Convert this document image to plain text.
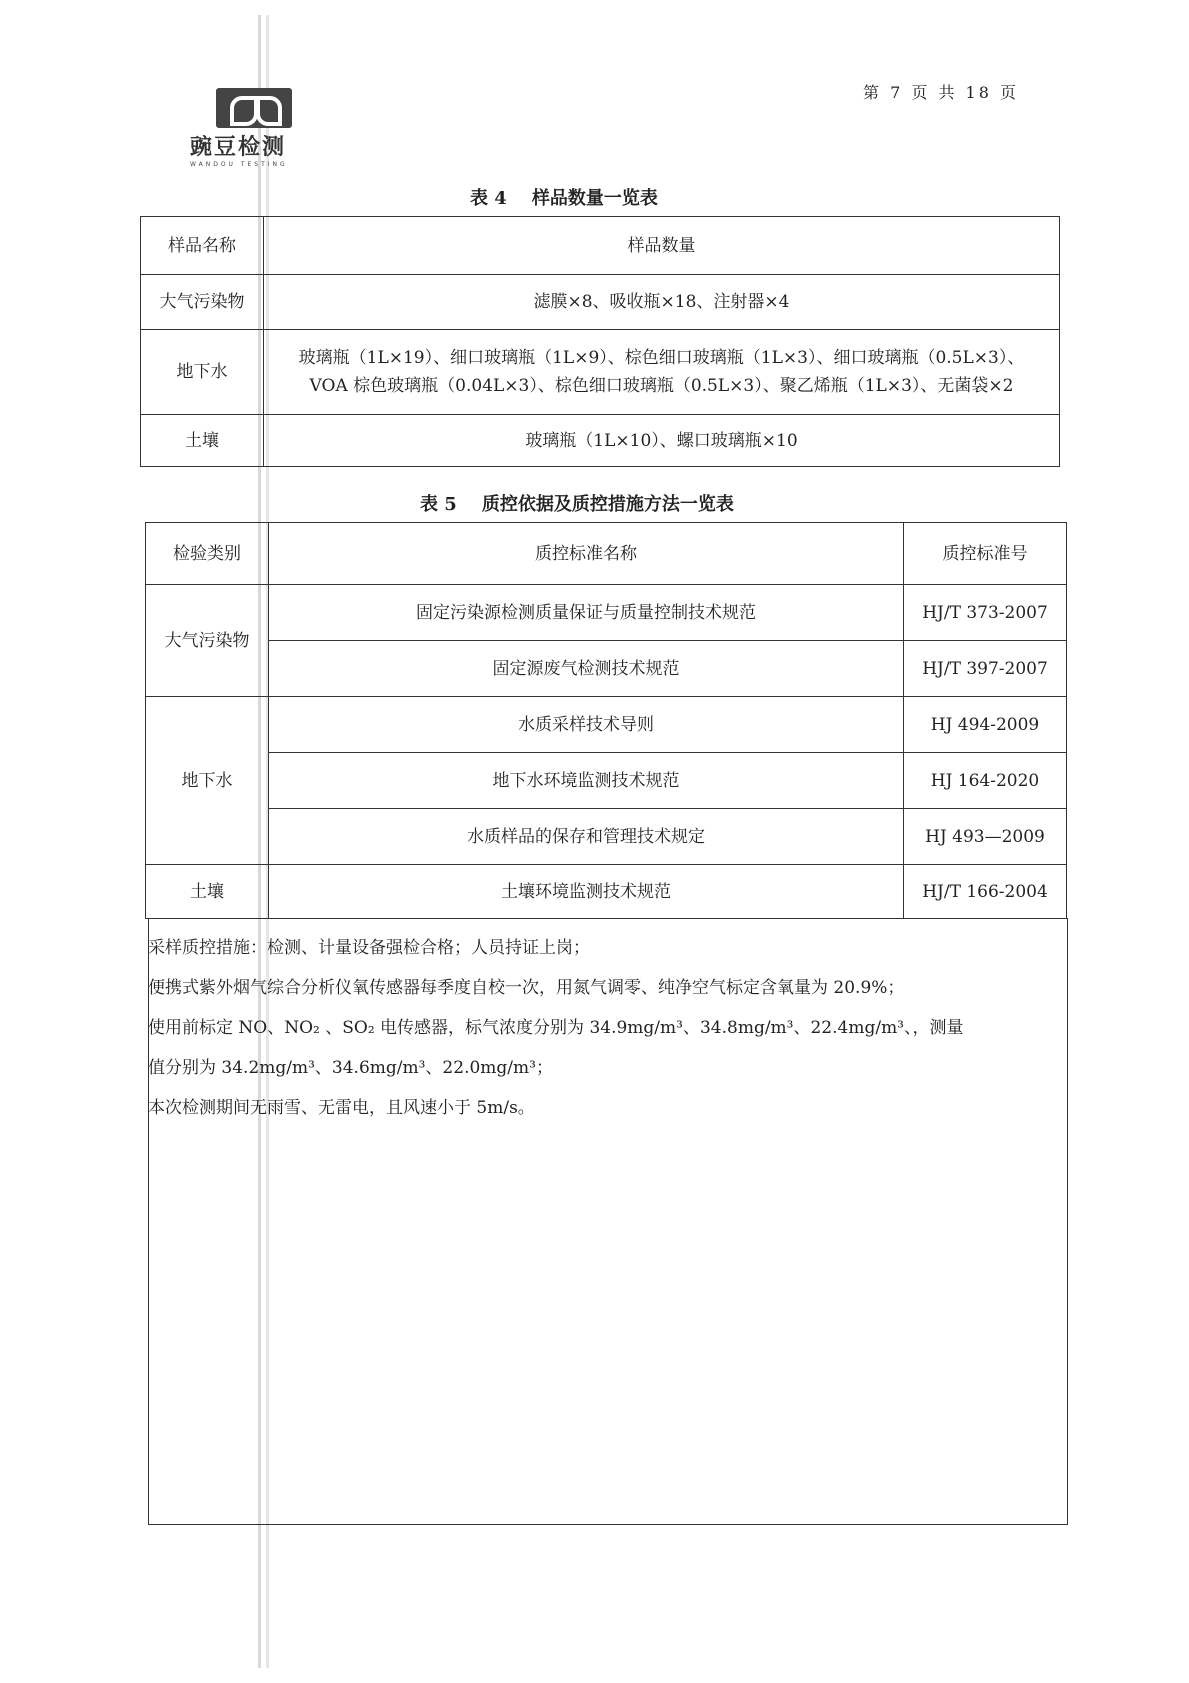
豌豆检测
WANDOU TESTING
第 7 页 共 18 页
表 4    样品数量一览表
样品名称	样品数量
大气污染物	滤膜×8、吸收瓶×18、注射器×4
地下水	玻璃瓶（1L×19）、细口玻璃瓶（1L×9）、棕色细口玻璃瓶（1L×3）、细口玻璃瓶（0.5L×3）、VOA 棕色玻璃瓶（0.04L×3）、棕色细口玻璃瓶（0.5L×3）、聚乙烯瓶（1L×3）、无菌袋×2
土壤	玻璃瓶（1L×10）、螺口玻璃瓶×10
表 5    质控依据及质控措施方法一览表
检验类别	质控标准名称	质控标准号
大气污染物	固定污染源检测质量保证与质量控制技术规范	HJ/T 373-2007
	固定源废气检测技术规范	HJ/T 397-2007
地下水	水质采样技术导则	HJ 494-2009
	地下水环境监测技术规范	HJ 164-2020
	水质样品的保存和管理技术规定	HJ 493—2009
土壤	土壤环境监测技术规范	HJ/T 166-2004
采样质控措施：检测、计量设备强检合格；人员持证上岗；
便携式紫外烟气综合分析仪氧传感器每季度自校一次，用氮气调零、纯净空气标定含氧量为 20.9%；
使用前标定 NO、NO₂ 、SO₂ 电传感器，标气浓度分别为 34.9mg/m³、34.8mg/m³、22.4mg/m³、，测量
值分别为 34.2mg/m³、34.6mg/m³、22.0mg/m³；
本次检测期间无雨雪、无雷电，且风速小于 5m/s。
